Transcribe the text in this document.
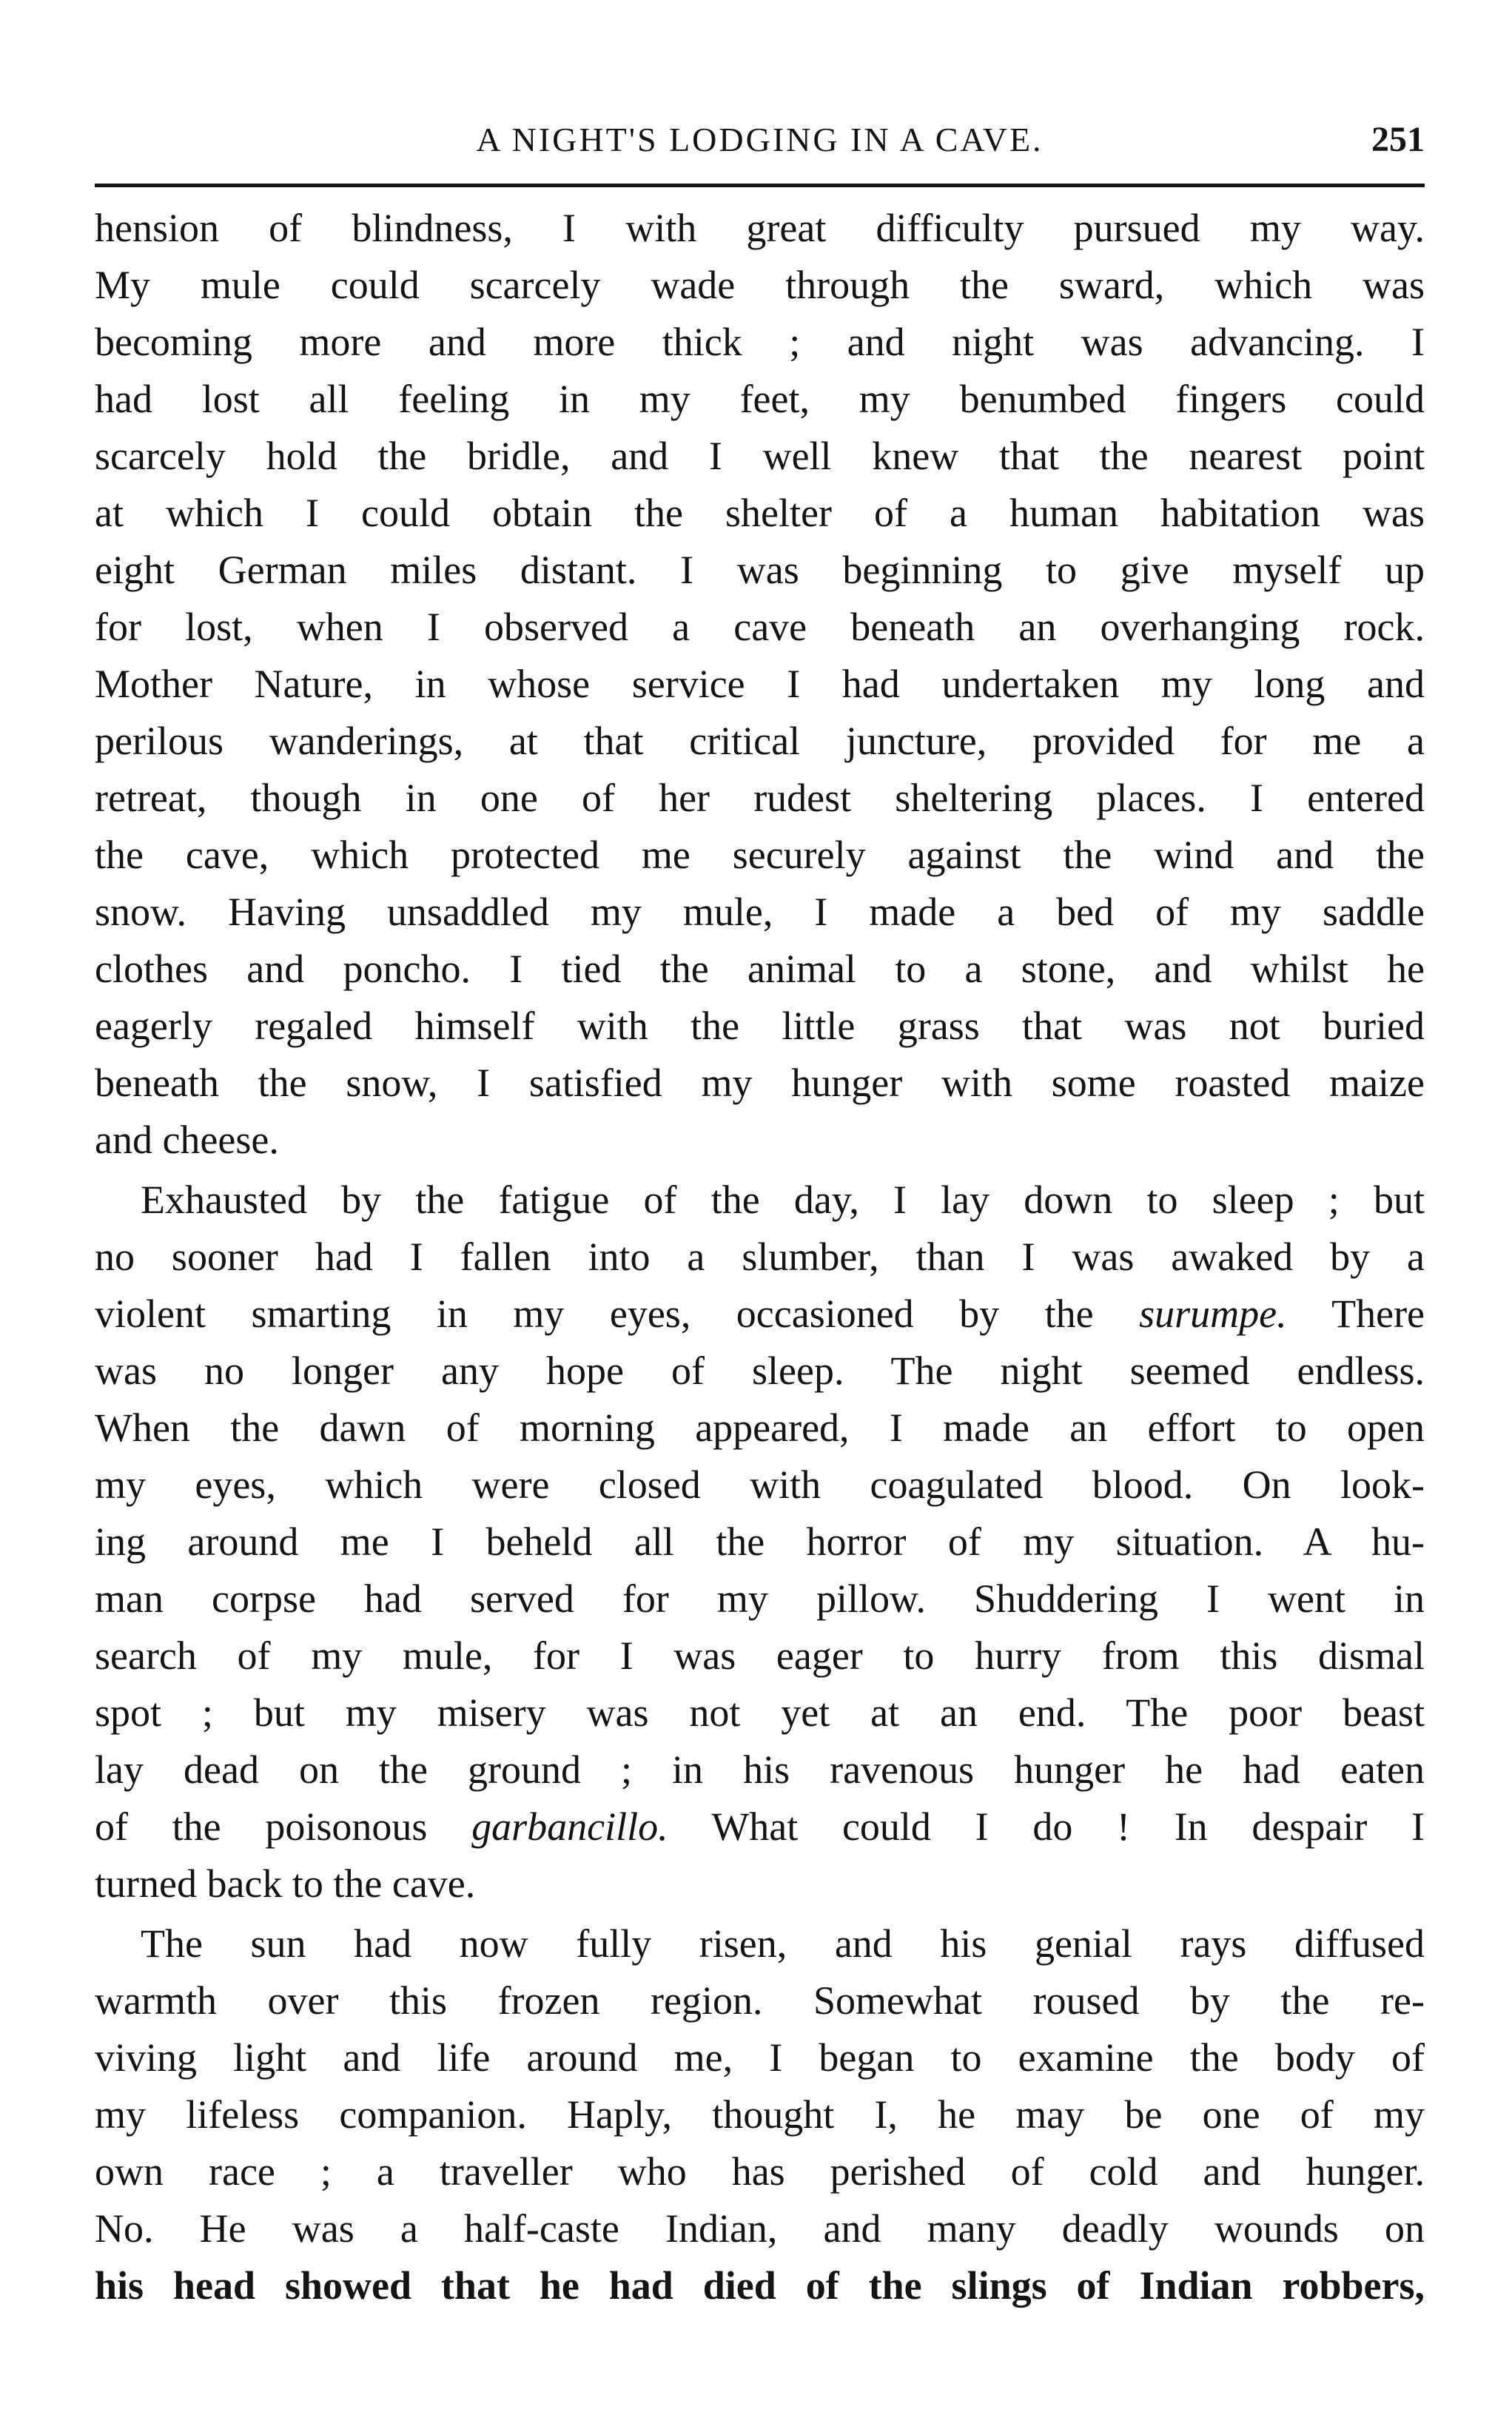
A NIGHT'S LODGING IN A CAVE.	251
hension of blindness, I with great difficulty pursued my way.
My mule could scarcely wade through the sward, which was
becoming more and more thick ; and night was advancing. I
had lost all feeling in my feet, my benumbed fingers could
scarcely hold the bridle, and I well knew that the nearest point
at which I could obtain the shelter of a human habitation was
eight German miles distant. I was beginning to give myself up
for lost, when I observed a cave beneath an overhanging rock.
Mother Nature, in whose service I had undertaken my long and
perilous wanderings, at that critical juncture, provided for me a
retreat, though in one of her rudest sheltering places. I entered
the cave, which protected me securely against the wind and the
snow. Having unsaddled my mule, I made a bed of my saddle
clothes and poncho. I tied the animal to a stone, and whilst he
eagerly regaled himself with the little grass that was not buried
beneath the snow, I satisfied my hunger with some roasted maize
and cheese.
Exhausted by the fatigue of the day, I lay down to sleep ; but
no sooner had I fallen into a slumber, than I was awaked by a
violent smarting in my eyes, occasioned by the surumpe. There
was no longer any hope of sleep. The night seemed endless.
When the dawn of morning appeared, I made an effort to open
my eyes, which were closed with coagulated blood. On look-
ing around me I beheld all the horror of my situation. A hu-
man corpse had served for my pillow. Shuddering I went in
search of my mule, for I was eager to hurry from this dismal
spot ; but my misery was not yet at an end. The poor beast
lay dead on the ground ; in his ravenous hunger he had eaten
of the poisonous garbancillo. What could I do ! In despair I
turned back to the cave.
The sun had now fully risen, and his genial rays diffused
warmth over this frozen region. Somewhat roused by the re-
viving light and life around me, I began to examine the body of
my lifeless companion. Haply, thought I, he may be one of my
own race ; a traveller who has perished of cold and hunger.
No. He was a half-caste Indian, and many deadly wounds on
his head showed that he had died of the slings of Indian robbers,
